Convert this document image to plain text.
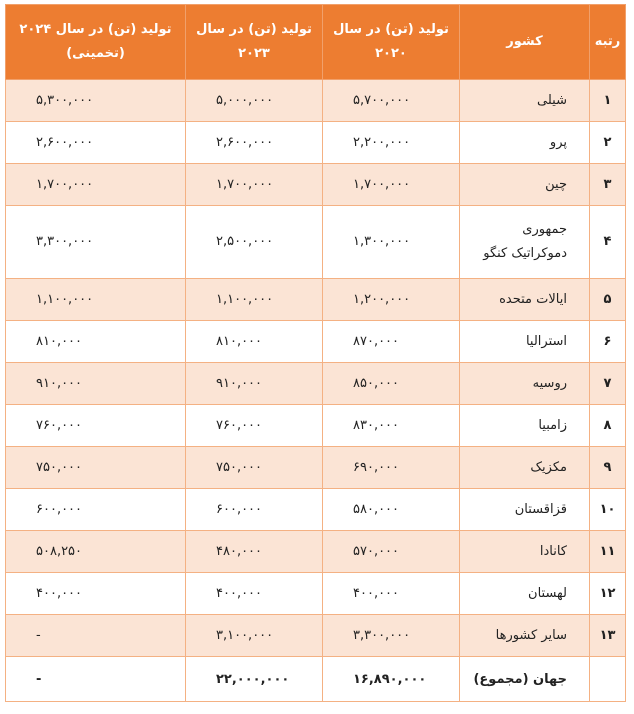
رتبه	کشور	تولید (تن) در سال ۲۰۲۰	تولید (تن) در سال ۲۰۲۳	تولید (تن) در سال ۲۰۲۴ (تخمینی)
۱	شیلی	۵,۷۰۰,۰۰۰	۵,۰۰۰,۰۰۰	۵,۳۰۰,۰۰۰
۲	پرو	۲,۲۰۰,۰۰۰	۲,۶۰۰,۰۰۰	۲,۶۰۰,۰۰۰
۳	چین	۱,۷۰۰,۰۰۰	۱,۷۰۰,۰۰۰	۱,۷۰۰,۰۰۰
۴	جمهوری دموکراتیک کنگو	۱,۳۰۰,۰۰۰	۲,۵۰۰,۰۰۰	۳,۳۰۰,۰۰۰
۵	ایالات متحده	۱,۲۰۰,۰۰۰	۱,۱۰۰,۰۰۰	۱,۱۰۰,۰۰۰
۶	استرالیا	۸۷۰,۰۰۰	۸۱۰,۰۰۰	۸۱۰,۰۰۰
۷	روسیه	۸۵۰,۰۰۰	۹۱۰,۰۰۰	۹۱۰,۰۰۰
۸	زامبیا	۸۳۰,۰۰۰	۷۶۰,۰۰۰	۷۶۰,۰۰۰
۹	مکزیک	۶۹۰,۰۰۰	۷۵۰,۰۰۰	۷۵۰,۰۰۰
۱۰	قزاقستان	۵۸۰,۰۰۰	۶۰۰,۰۰۰	۶۰۰,۰۰۰
۱۱	کانادا	۵۷۰,۰۰۰	۴۸۰,۰۰۰	۵۰۸,۲۵۰
۱۲	لهستان	۴۰۰,۰۰۰	۴۰۰,۰۰۰	۴۰۰,۰۰۰
۱۳	سایر کشورها	۳,۳۰۰,۰۰۰	۳,۱۰۰,۰۰۰	-
	جهان (مجموع)	۱۶,۸۹۰,۰۰۰	۲۲,۰۰۰,۰۰۰	-
